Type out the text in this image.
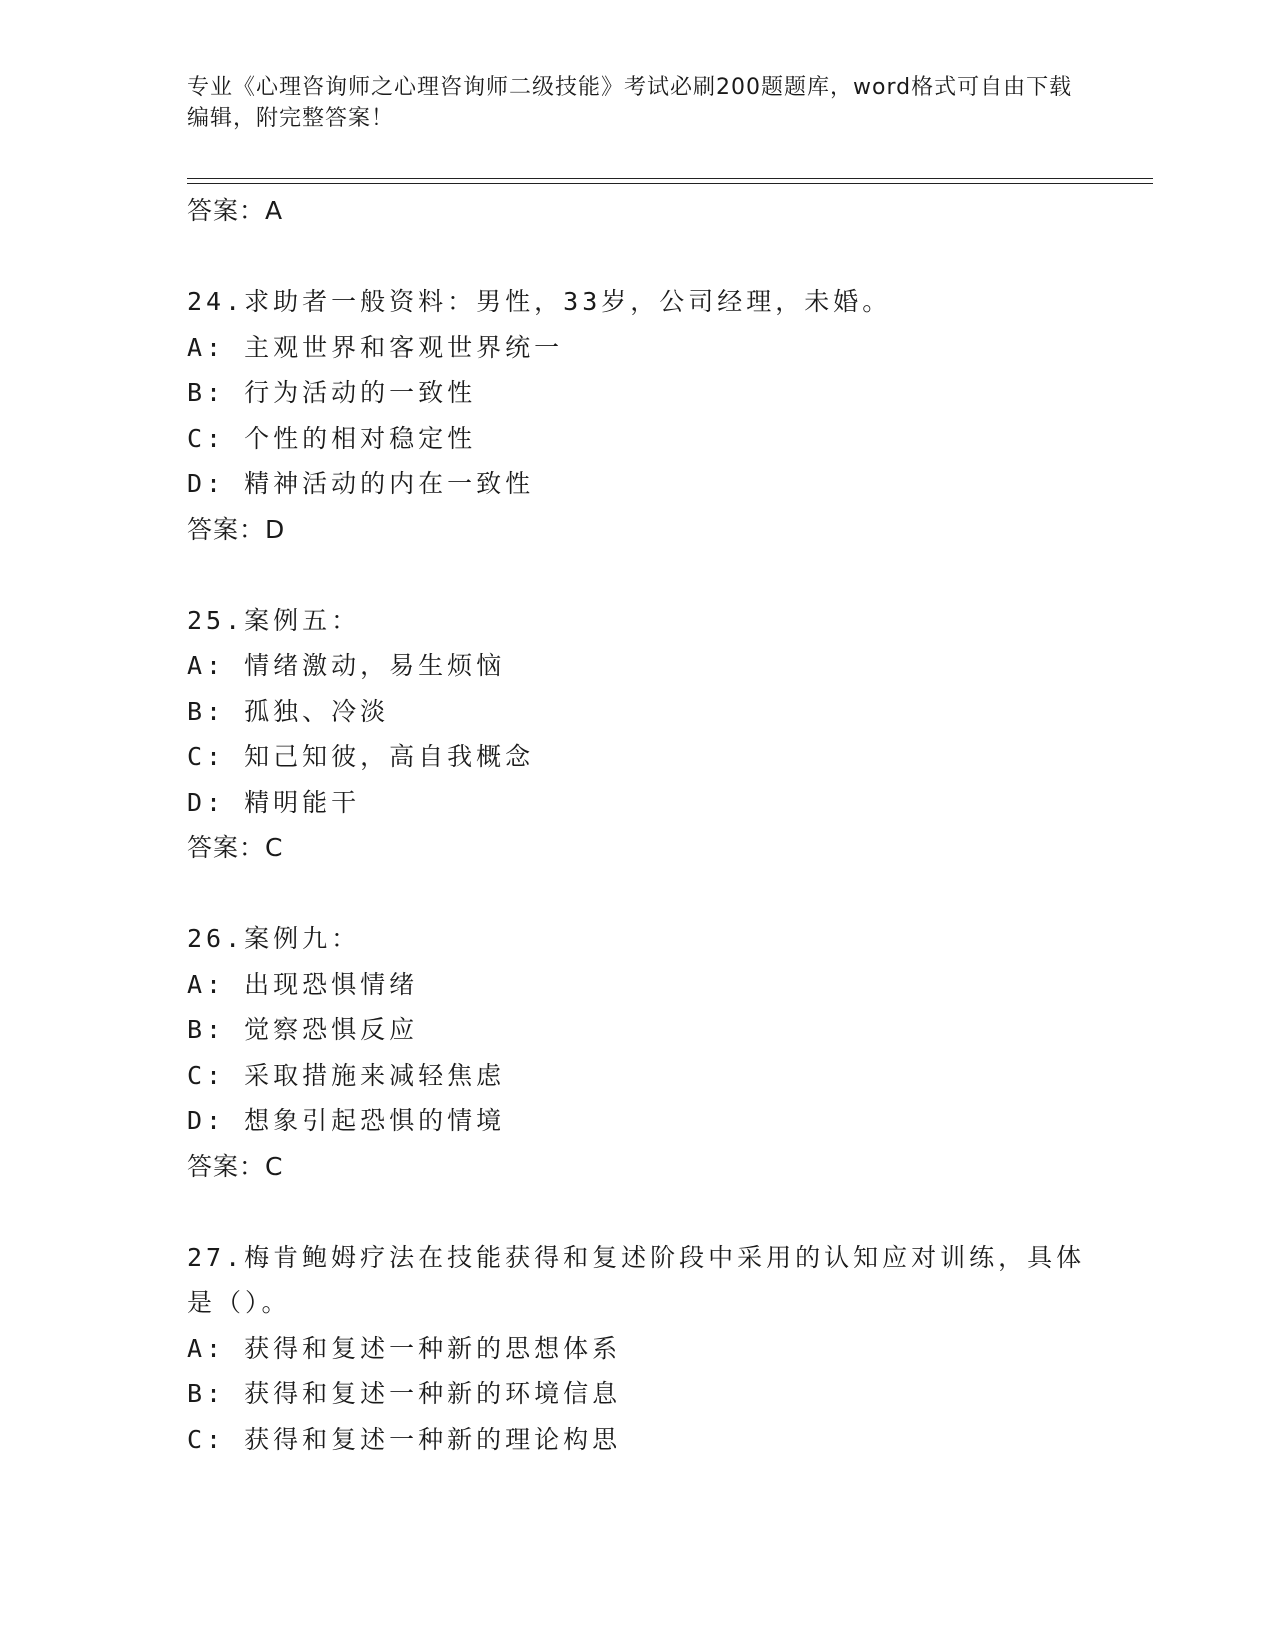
专业《心理咨询师之心理咨询师二级技能》考试必刷200题题库，word格式可自由下载编辑，附完整答案！
答案：A
24.求助者一般资料：男性，33岁，公司经理，未婚。
A: 主观世界和客观世界统一
B: 行为活动的一致性
C: 个性的相对稳定性
D: 精神活动的内在一致性
答案：D
25.案例五：
A: 情绪激动，易生烦恼
B: 孤独、冷淡
C: 知己知彼，高自我概念
D: 精明能干
答案：C
26.案例九：
A: 出现恐惧情绪
B: 觉察恐惧反应
C: 采取措施来减轻焦虑
D: 想象引起恐惧的情境
答案：C
27.梅肯鲍姆疗法在技能获得和复述阶段中采用的认知应对训练，具体是（）。
A: 获得和复述一种新的思想体系
B: 获得和复述一种新的环境信息
C: 获得和复述一种新的理论构思
